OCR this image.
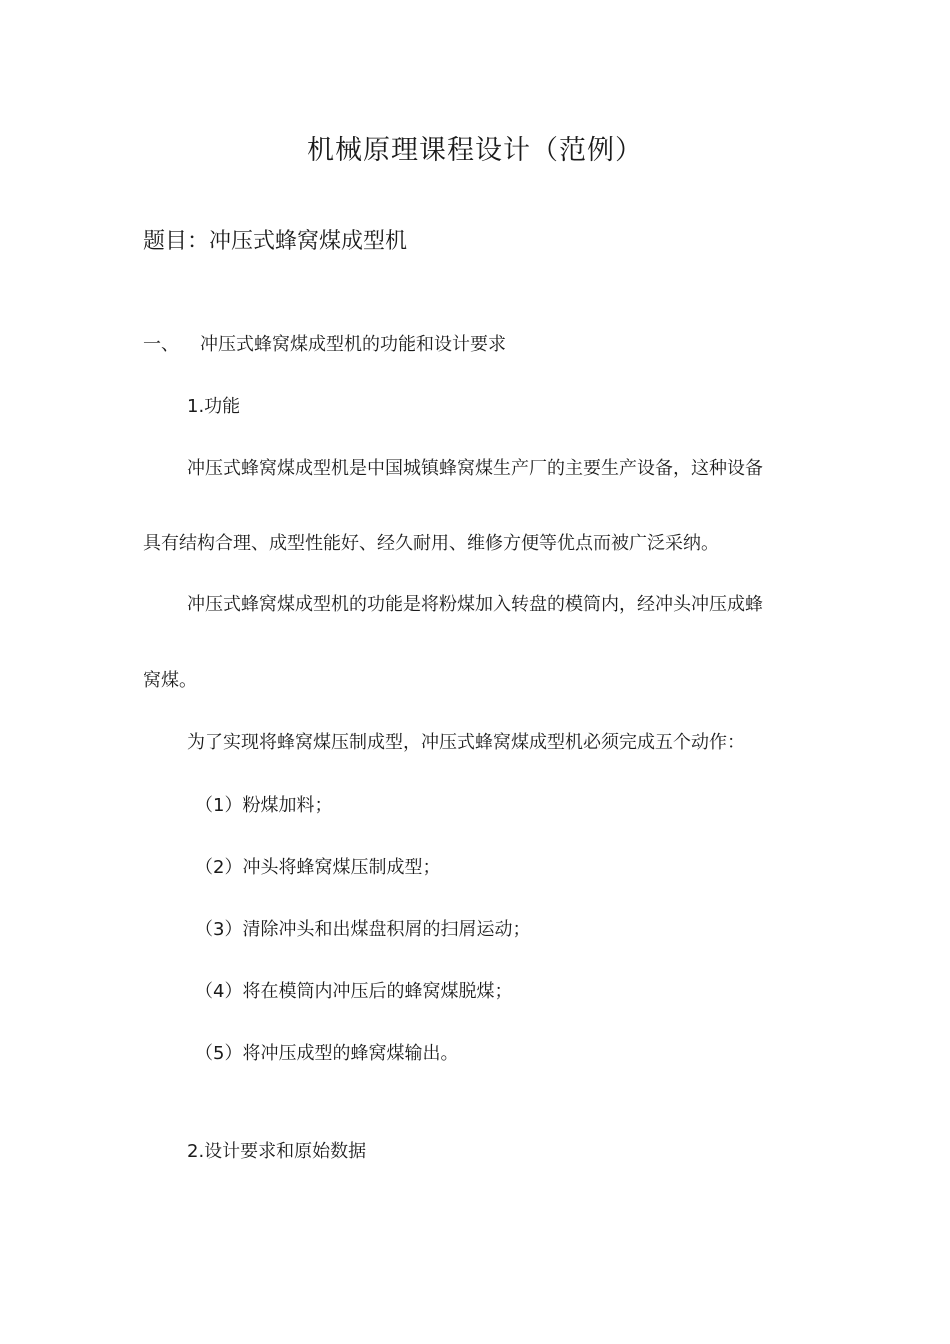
机械原理课程设计（范例）
题目：冲压式蜂窝煤成型机
一、 冲压式蜂窝煤成型机的功能和设计要求
1.功能
冲压式蜂窝煤成型机是中国城镇蜂窝煤生产厂的主要生产设备，这种设备
具有结构合理、成型性能好、经久耐用、维修方便等优点而被广泛采纳。
冲压式蜂窝煤成型机的功能是将粉煤加入转盘的模筒内，经冲头冲压成蜂
窝煤。
为了实现将蜂窝煤压制成型，冲压式蜂窝煤成型机必须完成五个动作：
（1）粉煤加料；
（2）冲头将蜂窝煤压制成型；
（3）清除冲头和出煤盘积屑的扫屑运动；
（4）将在模筒内冲压后的蜂窝煤脱煤；
（5）将冲压成型的蜂窝煤输出。
2.设计要求和原始数据
